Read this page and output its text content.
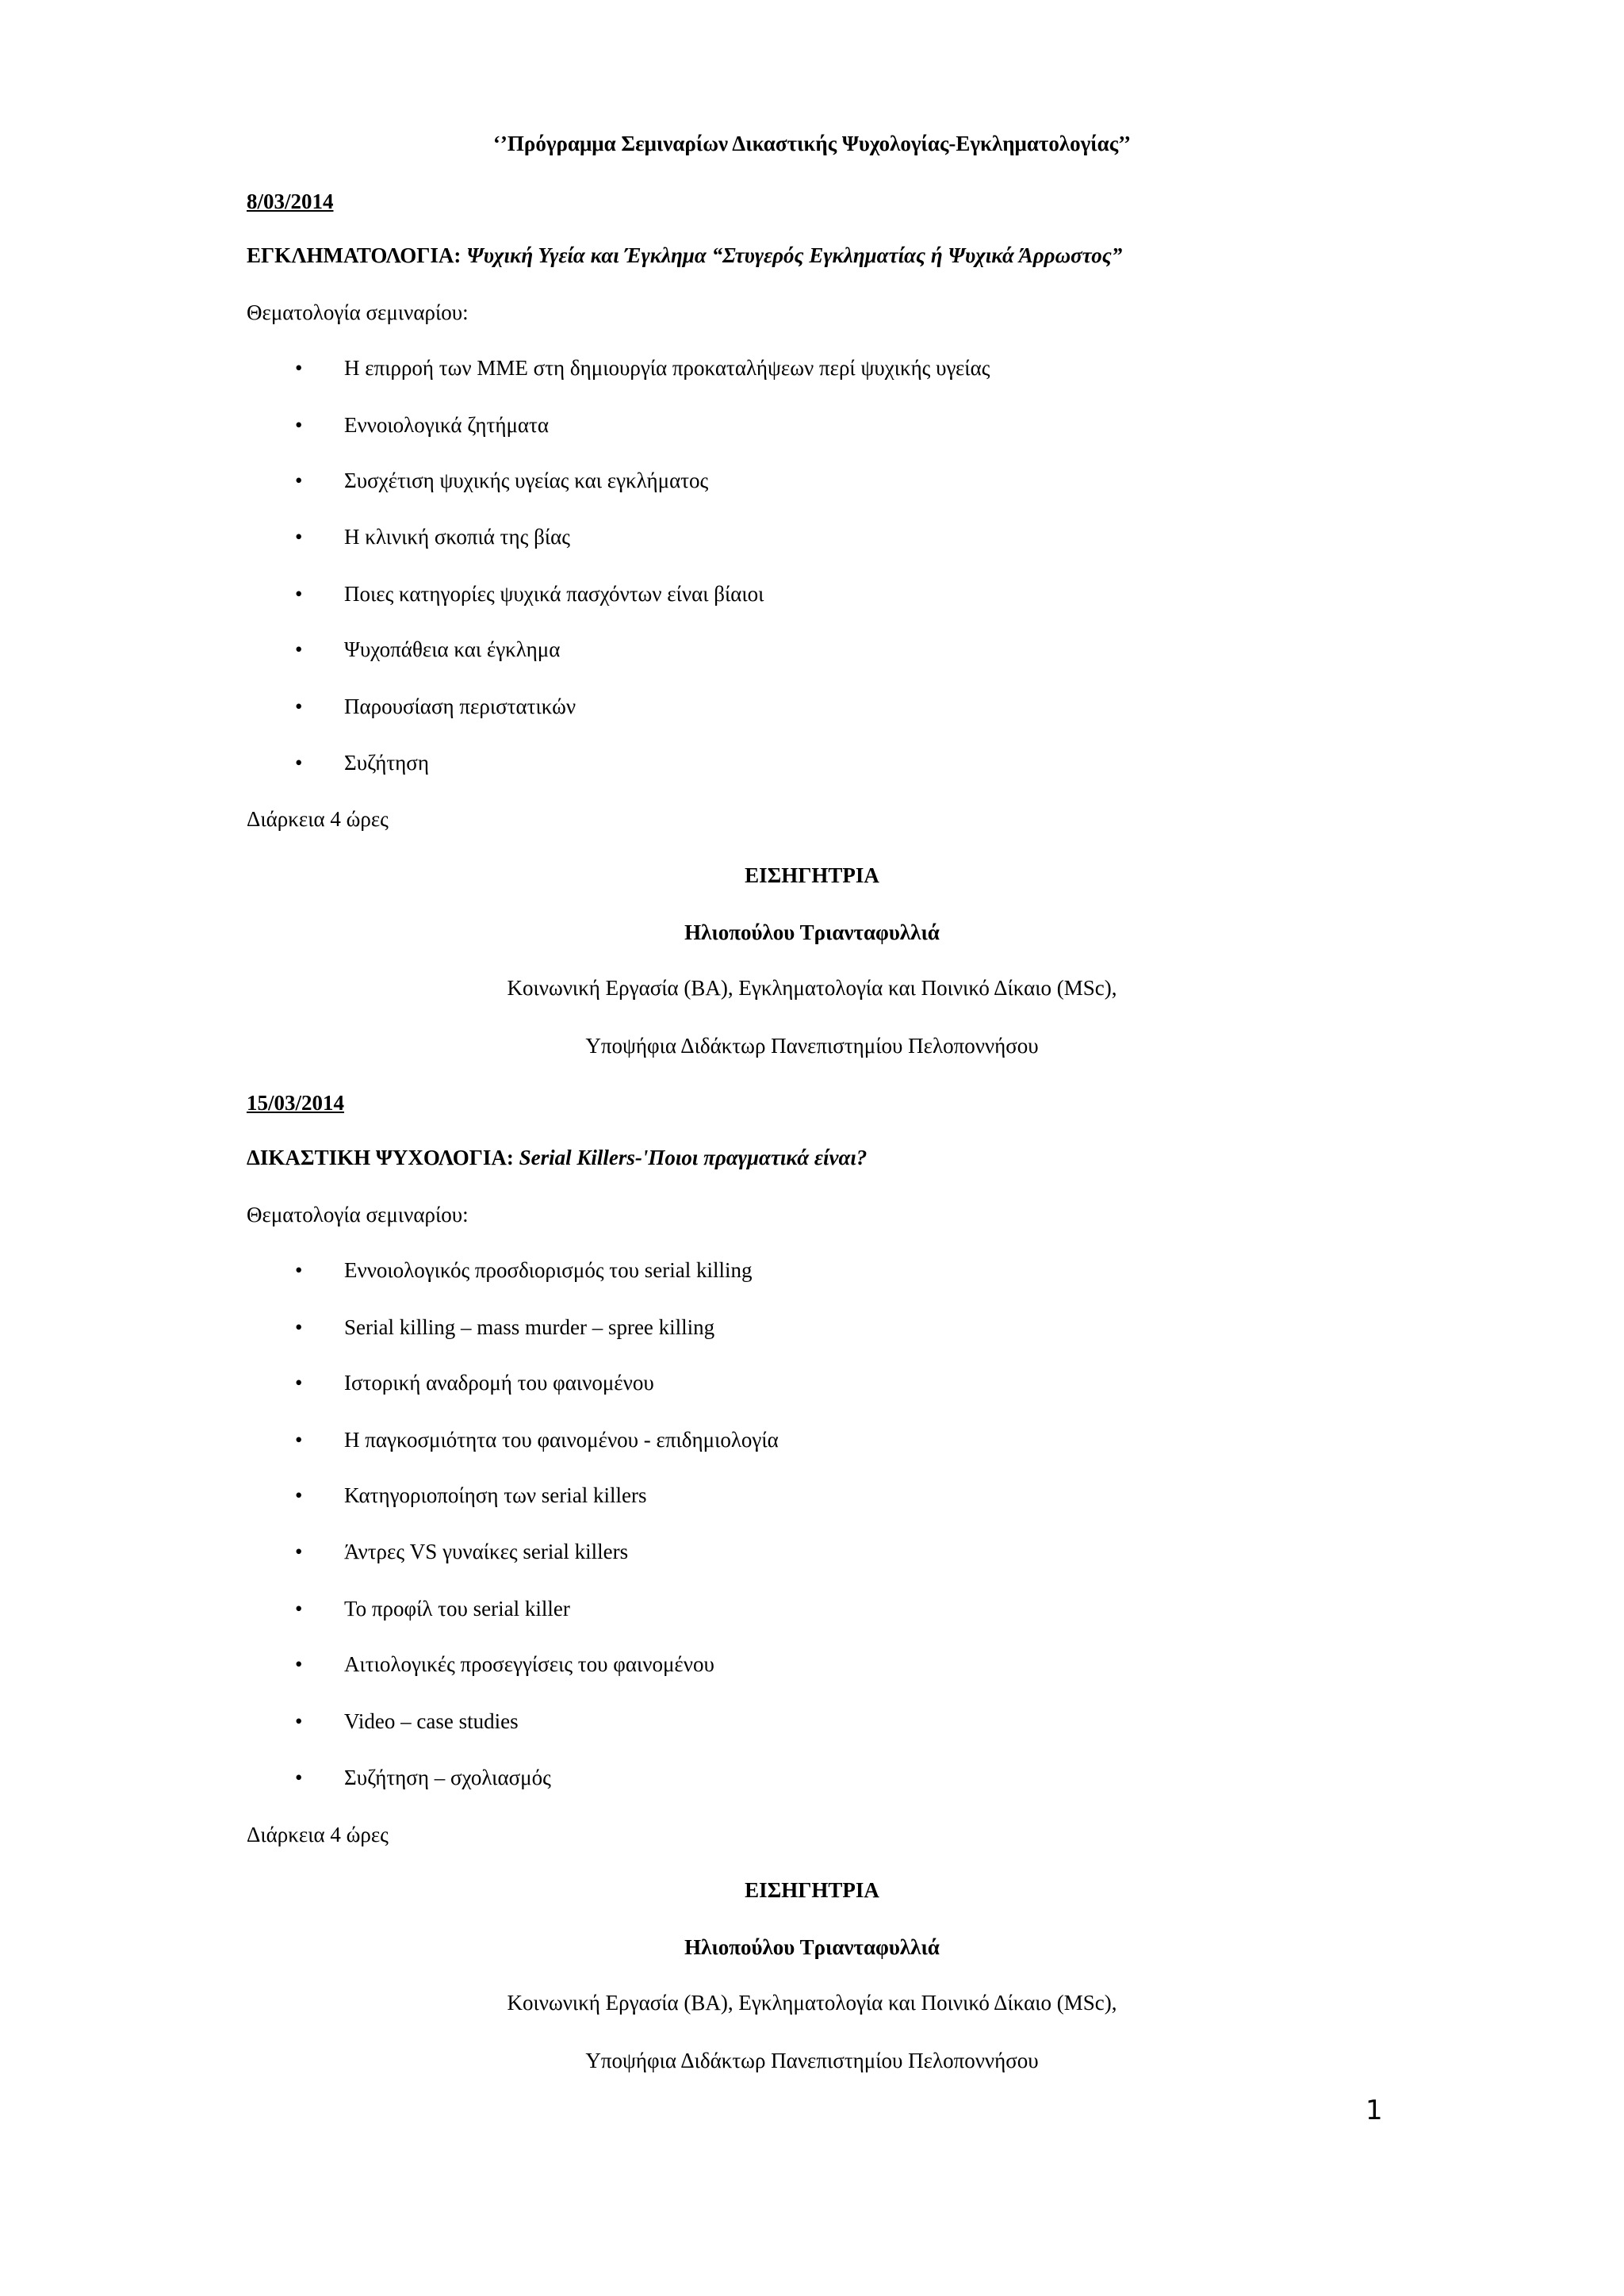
‘’Πρόγραμμα Σεμιναρίων Δικαστικής Ψυχολογίας-Εγκληματολογίας’’
8/03/2014
ΕΓΚΛΗΜΑΤΟΛΟΓΙΑ: Ψυχική Υγεία και Έγκλημα “Στυγερός Εγκληματίας ή Ψυχικά Άρρωστος”
Θεματολογία σεμιναρίου:
• Η επιρροή των ΜΜΕ στη δημιουργία προκαταλήψεων περί ψυχικής υγείας
• Εννοιολογικά ζητήματα
• Συσχέτιση ψυχικής υγείας και εγκλήματος
• Η κλινική σκοπιά της βίας
• Ποιες κατηγορίες ψυχικά πασχόντων είναι βίαιοι
• Ψυχοπάθεια και έγκλημα
• Παρουσίαση περιστατικών
• Συζήτηση
Διάρκεια 4 ώρες
ΕΙΣΗΓΗΤΡΙΑ
Ηλιοπούλου Τριανταφυλλιά
Κοινωνική Εργασία (ΒΑ), Εγκληματολογία και Ποινικό Δίκαιο (MSc),
Υποψήφια Διδάκτωρ Πανεπιστημίου Πελοποννήσου
15/03/2014
ΔΙΚΑΣΤΙΚΗ ΨΥΧΟΛΟΓΙΑ: Serial Killers-'Ποιοι πραγματικά είναι?
Θεματολογία σεμιναρίου:
• Εννοιολογικός προσδιορισμός του serial killing
• Serial killing – mass murder – spree killing
• Ιστορική αναδρομή του φαινομένου
• Η παγκοσμιότητα του φαινομένου - επιδημιολογία
• Κατηγοριοποίηση των serial killers
• Άντρες VS γυναίκες serial killers
• Το προφίλ του serial killer
• Αιτιολογικές προσεγγίσεις του φαινομένου
• Video – case studies
• Συζήτηση – σχολιασμός
Διάρκεια 4 ώρες
ΕΙΣΗΓΗΤΡΙΑ
Ηλιοπούλου Τριανταφυλλιά
Κοινωνική Εργασία (ΒΑ), Εγκληματολογία και Ποινικό Δίκαιο (MSc),
Υποψήφια Διδάκτωρ Πανεπιστημίου Πελοποννήσου
1
